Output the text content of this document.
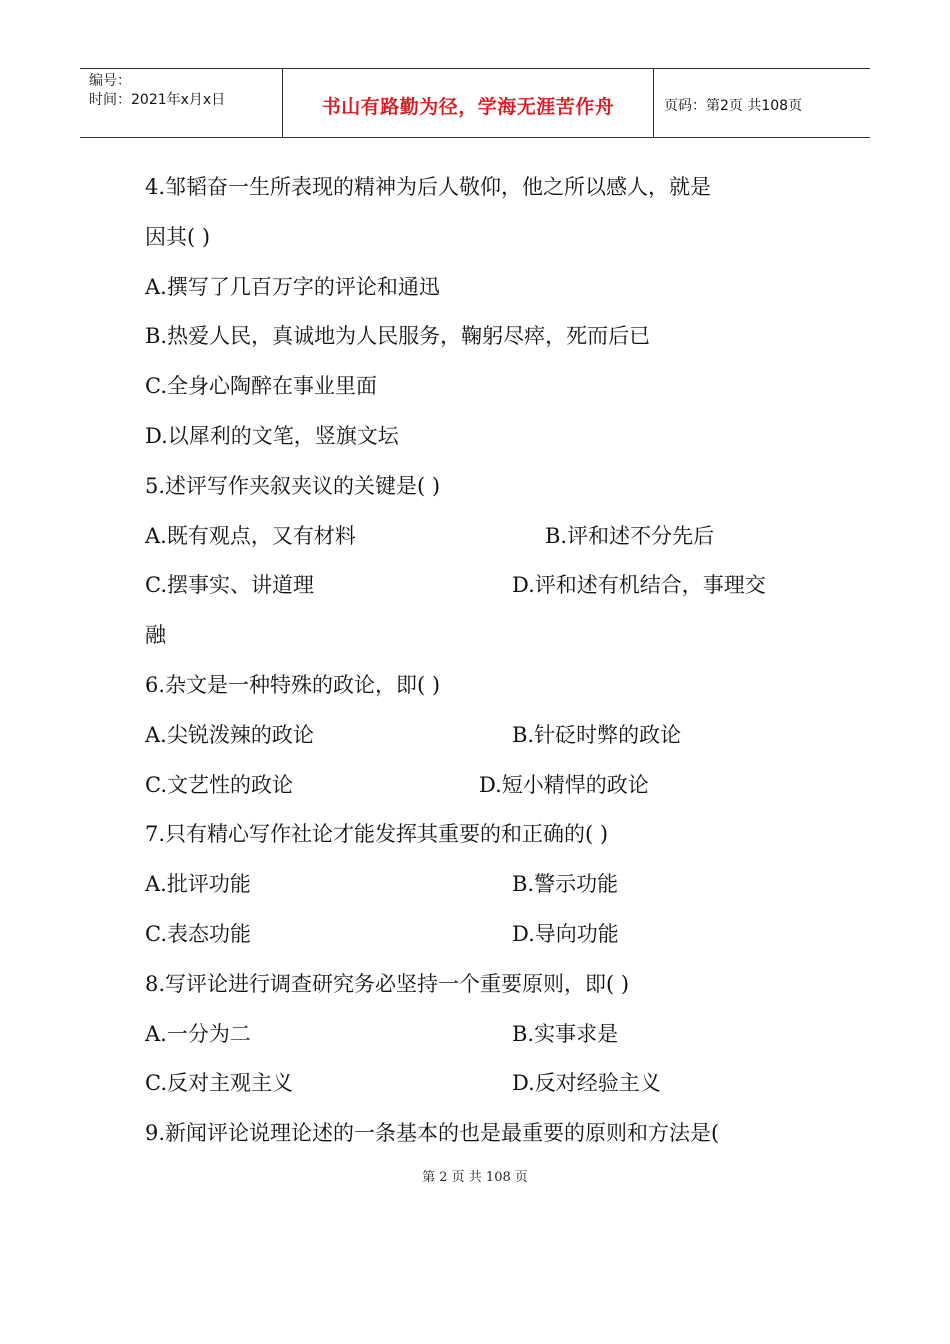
编号：
时间：2021年x月x日	书山有路勤为径，学海无涯苦作舟	页码：第2页 共108页
4.邹韬奋一生所表现的精神为后人敬仰，他之所以感人，就是
因其( )
A.撰写了几百万字的评论和通迅
B.热爱人民，真诚地为人民服务，鞠躬尽瘁，死而后已
C.全身心陶醉在事业里面
D.以犀利的文笔，竖旗文坛
5.述评写作夹叙夹议的关键是( )
A.既有观点，又有材料	B.评和述不分先后
C.摆事实、讲道理	D.评和述有机结合，事理交
融
6.杂文是一种特殊的政论，即( )
A.尖锐泼辣的政论	B.针砭时弊的政论
C.文艺性的政论	D.短小精悍的政论
7.只有精心写作社论才能发挥其重要的和正确的( )
A.批评功能	B.警示功能
C.表态功能	D.导向功能
8.写评论进行调查研究务必坚持一个重要原则，即( )
A.一分为二	B.实事求是
C.反对主观主义	D.反对经验主义
9.新闻评论说理论述的一条基本的也是最重要的原则和方法是(
第 2 页 共 108 页
